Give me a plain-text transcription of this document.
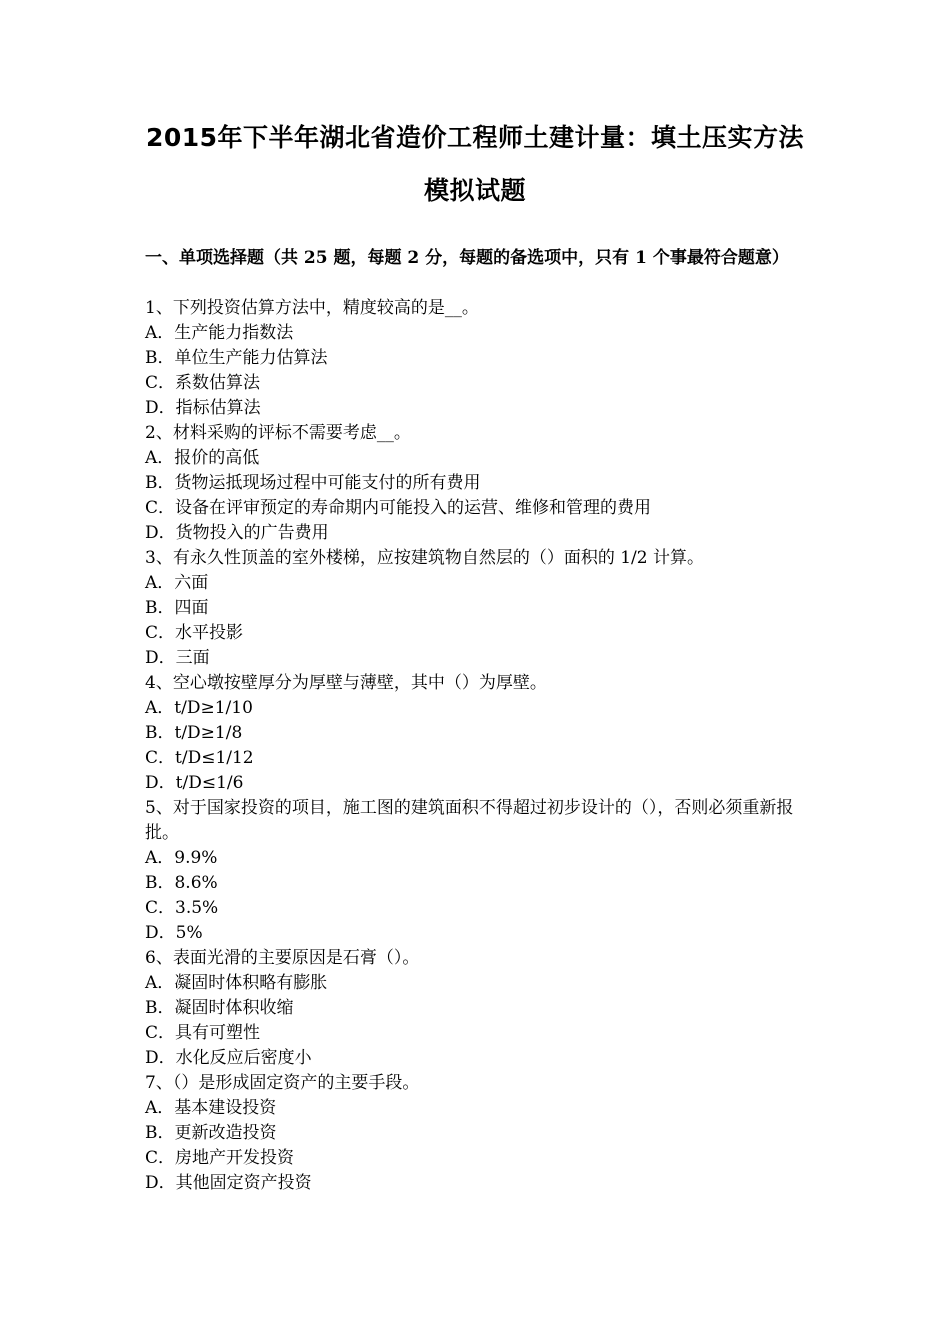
2015年下半年湖北省造价工程师土建计量：填土压实方法
模拟试题
一、单项选择题（共 25 题，每题 2 分，每题的备选项中，只有 1 个事最符合题意）
1、下列投资估算方法中，精度较高的是__。
A．生产能力指数法
B．单位生产能力估算法
C．系数估算法
D．指标估算法
2、材料采购的评标不需要考虑__。
A．报价的高低
B．货物运抵现场过程中可能支付的所有费用
C．设备在评审预定的寿命期内可能投入的运营、维修和管理的费用
D．货物投入的广告费用
3、有永久性顶盖的室外楼梯，应按建筑物自然层的（）面积的 1/2 计算。
A．六面
B．四面
C．水平投影
D．三面
4、空心墩按壁厚分为厚壁与薄壁，其中（）为厚壁。
A．t/D≥1/10
B．t/D≥1/8
C．t/D≤1/12
D．t/D≤1/6
5、对于国家投资的项目，施工图的建筑面积不得超过初步设计的（），否则必须重新报批。
A．9.9%
B．8.6%
C．3.5%
D．5%
6、表面光滑的主要原因是石膏（）。
A．凝固时体积略有膨胀
B．凝固时体积收缩
C．具有可塑性
D．水化反应后密度小
7、（）是形成固定资产的主要手段。
A．基本建设投资
B．更新改造投资
C．房地产开发投资
D．其他固定资产投资
